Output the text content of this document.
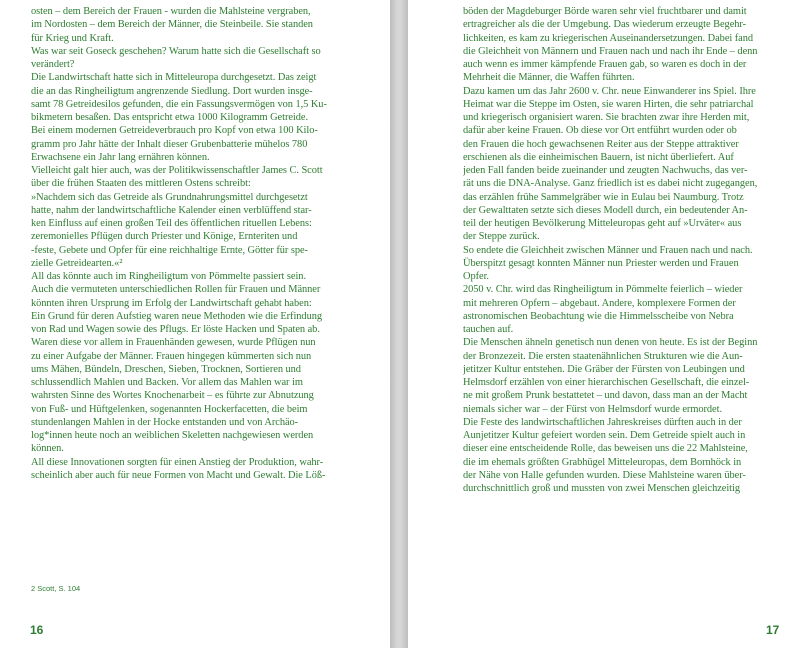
osten – dem Bereich der Frauen - wurden die Mahlsteine vergraben,
im Nordosten – dem Bereich der Männer, die Steinbeile. Sie standen
für Krieg und Kraft.
Was war seit Goseck geschehen? Warum hatte sich die Gesellschaft so
verändert?
Die Landwirtschaft hatte sich in Mitteleuropa durchgesetzt. Das zeigt
die an das Ringheiligtum angrenzende Siedlung. Dort wurden insge-
samt 78 Getreidesilos gefunden, die ein Fassungsvermögen von 1,5 Ku-
bikmetern besaßen. Das entspricht etwa 1000 Kilogramm Getreide.
Bei einem modernen Getreideverbrauch pro Kopf von etwa 100 Kilo-
gramm pro Jahr hätte der Inhalt dieser Grubenbatterie mühelos 780
Erwachsene ein Jahr lang ernähren können.
Vielleicht galt hier auch, was der Politikwissenschaftler James C. Scott
über die frühen Staaten des mittleren Ostens schreibt:
»Nachdem sich das Getreide als Grundnahrungsmittel durchgesetzt
hatte, nahm der landwirtschaftliche Kalender einen verblüffend star-
ken Einfluss auf einen großen Teil des öffentlichen rituellen Lebens:
zeremonielles Pflügen durch Priester und Könige, Ernteriten und
-feste, Gebete und Opfer für eine reichhaltige Ernte, Götter für spe-
zielle Getreidearten.«²
All das könnte auch im Ringheiligtum von Pömmelte passiert sein.
Auch die vermuteten unterschiedlichen Rollen für Frauen und Männer
könnten ihren Ursprung im Erfolg der Landwirtschaft gehabt haben:
Ein Grund für deren Aufstieg waren neue Methoden wie die Erfindung
von Rad und Wagen sowie des Pflugs. Er löste Hacken und Spaten ab.
Waren diese vor allem in Frauenhänden gewesen, wurde Pflügen nun
zu einer Aufgabe der Männer. Frauen hingegen kümmerten sich nun
ums Mähen, Bündeln, Dreschen, Sieben, Trocknen, Sortieren und
schlussendlich Mahlen und Backen. Vor allem das Mahlen war im
wahrsten Sinne des Wortes Knochenarbeit – es führte zur Abnutzung
von Fuß- und Hüftgelenken, sogenannten Hockerfacetten, die beim
stundenlangen Mahlen in der Hocke entstanden und von Archäo-
log*innen heute noch an weiblichen Skeletten nachgewiesen werden
können.
All diese Innovationen sorgten für einen Anstieg der Produktion, wahr-
scheinlich aber auch für neue Formen von Macht und Gewalt. Die Löß-
2 Scott, S. 104
16
böden der Magdeburger Börde waren sehr viel fruchtbarer und damit
ertragreicher als die der Umgebung. Das wiederum erzeugte Begehr-
lichkeiten, es kam zu kriegerischen Auseinandersetzungen. Dabei fand
die Gleichheit von Männern und Frauen nach und nach ihr Ende – denn
auch wenn es immer kämpfende Frauen gab, so waren es doch in der
Mehrheit die Männer, die Waffen führten.
Dazu kamen um das Jahr 2600 v. Chr. neue Einwanderer ins Spiel. Ihre
Heimat war die Steppe im Osten, sie waren Hirten, die sehr patriarchal
und kriegerisch organisiert waren. Sie brachten zwar ihre Herden mit,
dafür aber keine Frauen. Ob diese vor Ort entführt wurden oder ob
den Frauen die hoch gewachsenen Reiter aus der Steppe attraktiver
erschienen als die einheimischen Bauern, ist nicht überliefert. Auf
jeden Fall fanden beide zueinander und zeugten Nachwuchs, das ver-
rät uns die DNA-Analyse. Ganz friedlich ist es dabei nicht zugegangen,
das erzählen frühe Sammelgräber wie in Eulau bei Naumburg. Trotz
der Gewalttaten setzte sich dieses Modell durch, ein bedeutender An-
teil der heutigen Bevölkerung Mitteleuropas geht auf »Urväter« aus
der Steppe zurück.
So endete die Gleichheit zwischen Männer und Frauen nach und nach.
Überspitzt gesagt konnten Männer nun Priester werden und Frauen
Opfer.
2050 v. Chr. wird das Ringheiligtum in Pömmelte feierlich – wieder
mit mehreren Opfern – abgebaut. Andere, komplexere Formen der
astronomischen Beobachtung wie die Himmelsscheibe von Nebra
tauchen auf.
Die Menschen ähneln genetisch nun denen von heute. Es ist der Beginn
der Bronzezeit. Die ersten staatenähnlichen Strukturen wie die Aun-
jetitzer Kultur entstehen. Die Gräber der Fürsten von Leubingen und
Helmsdorf erzählen von einer hierarchischen Gesellschaft, die einzel-
ne mit großem Prunk bestattetet – und davon, dass man an der Macht
niemals sicher war – der Fürst von Helmsdorf wurde ermordet.
Die Feste des landwirtschaftlichen Jahreskreises dürften auch in der
Aunjetitzer Kultur gefeiert worden sein. Dem Getreide spielt auch in
dieser eine entscheidende Rolle, das beweisen uns die 22 Mahlsteine,
die im ehemals größten Grabhügel Mitteleuropas, dem Bornhöck in
der Nähe von Halle gefunden wurden. Diese Mahlsteine waren über-
durchschnittlich groß und mussten von zwei Menschen gleichzeitig
17
